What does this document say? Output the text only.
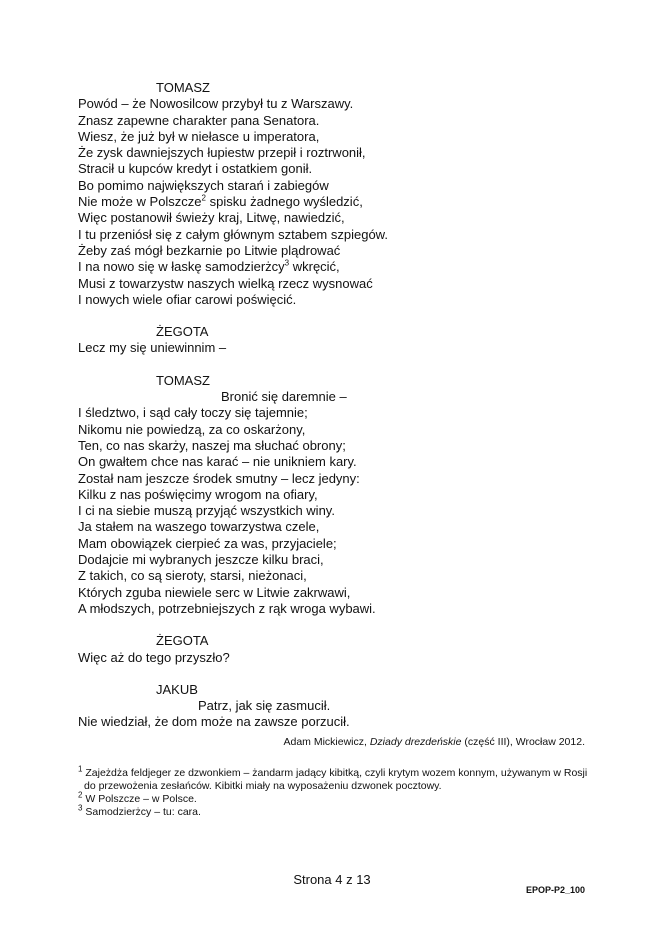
TOMASZ
Powód – że Nowosilcow przybył tu z Warszawy.
Znasz zapewne charakter pana Senatora.
Wiesz, że już był w niełasce u imperatora,
Że zysk dawniejszych łupiestw przepił i roztrwonił,
Stracił u kupców kredyt i ostatkiem gonił.
Bo pomimo największych starań i zabiegów
Nie może w Polszcze$^2$ spisku żadnego wyśledzić,
Więc postanowił świeży kraj, Litwę, nawiedzić,
I tu przeniósł się z całym głównym sztabem szpiegów.
Żeby zaś mógł bezkarnie po Litwie plądrować
I na nowo się w łaskę samodzierżcy$^3$ wkręcić,
Musi z towarzystw naszych wielką rzecz wysnować
I nowych wiele ofiar carowi poświęcić.
ŻEGOTA
Lecz my się uniewinnim –
TOMASZ
Bronić się daremnie –
I śledztwo, i sąd cały toczy się tajemnie;
Nikomu nie powiedzą, za co oskarżony,
Ten, co nas skarży, naszej ma słuchać obrony;
On gwałtem chce nas karać – nie unikniem kary.
Został nam jeszcze środek smutny – lecz jedyny:
Kilku z nas poświęcimy wrogom na ofiary,
I ci na siebie muszą przyjąć wszystkich winy.
Ja stałem na waszego towarzystwa czele,
Mam obowiązek cierpieć za was, przyjaciele;
Dodajcie mi wybranych jeszcze kilku braci,
Z takich, co są sieroty, starsi, nieżonaci,
Których zguba niewiele serc w Litwie zakrwawi,
A młodszych, potrzebniejszych z rąk wroga wybawi.
ŻEGOTA
Więc aż do tego przyszło?
JAKUB
Patrz, jak się zasmucił.
Nie wiedział, że dom może na zawsze porzucił.
Adam Mickiewicz, Dziady drezdeńskie (część III), Wrocław 2012.
$^1$ Zajeżdża feldjeger ze dzwonkiem – żandarm jadący kibitką, czyli krytym wozem konnym, używanym w Rosji
do przewożenia zesłańców. Kibitki miały na wyposażeniu dzwonek pocztowy.
$^2$ W Polszcze – w Polsce.
$^3$ Samodzierżcy – tu: cara.
Strona 4 z 13
EPOP-P2_100
